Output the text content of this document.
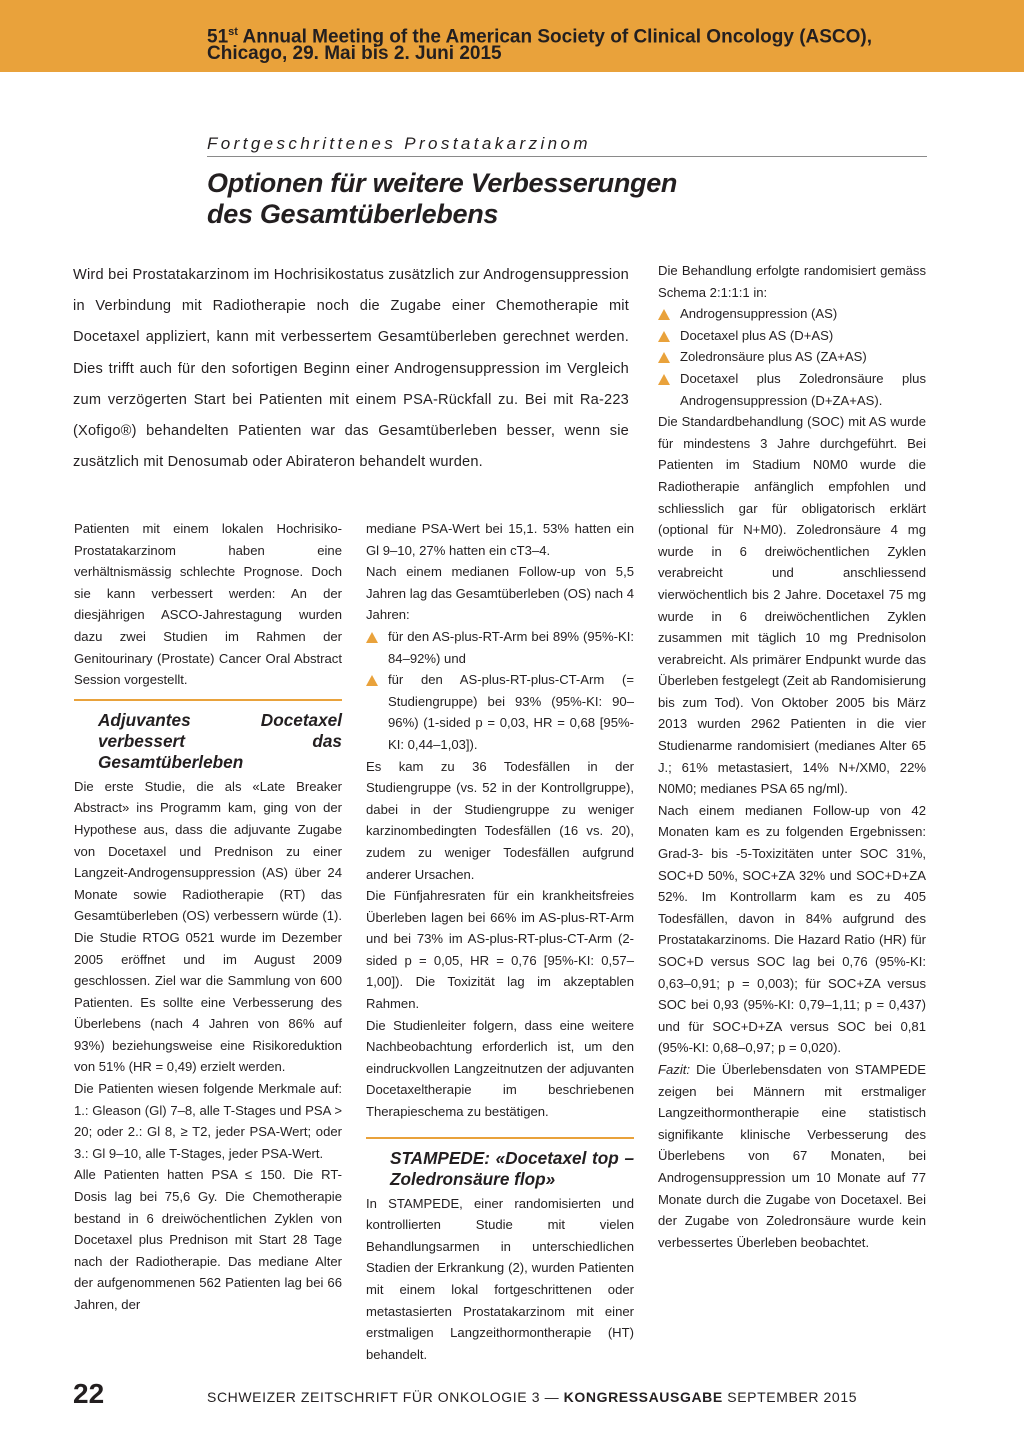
51st Annual Meeting of the American Society of Clinical Oncology (ASCO),
Chicago, 29. Mai bis 2. Juni 2015
Fortgeschrittenes Prostatakarzinom
Optionen für weitere Verbesserungen
des Gesamtüberlebens
Wird bei Prostatakarzinom im Hochrisikostatus zusätzlich zur Androgensuppression in Verbindung mit Radiotherapie noch die Zugabe einer Chemotherapie mit Docetaxel appliziert, kann mit verbessertem Gesamtüberleben gerechnet werden. Dies trifft auch für den sofortigen Beginn einer Androgensuppression im Vergleich zum verzögerten Start bei Patienten mit einem PSA-Rückfall zu. Bei mit Ra-223 (Xofigo®) behandelten Patienten war das Gesamtüberleben besser, wenn sie zusätzlich mit Denosumab oder Abirateron behandelt wurden.

Patienten mit einem lokalen Hochrisiko-Prostatakarzinom haben eine verhältnismässig schlechte Prognose. Doch sie kann verbessert werden: An der diesjährigen ASCO-Jahrestagung wurden dazu zwei Studien im Rahmen der Genitourinary (Prostate) Cancer Oral Abstract Session vorgestellt.

Adjuvantes Docetaxel verbessert das Gesamtüberleben

Die erste Studie, die als «Late Breaker Abstract» ins Programm kam, ging von der Hypothese aus, dass die adjuvante Zugabe von Docetaxel und Prednison zu einer Langzeit-Androgensuppression (AS) über 24 Monate sowie Radiotherapie (RT) das Gesamtüberleben (OS) verbessern würde (1). Die Studie RTOG 0521 wurde im Dezember 2005 eröffnet und im August 2009 geschlossen. Ziel war die Sammlung von 600 Patienten. Es sollte eine Verbesserung des Überlebens (nach 4 Jahren von 86% auf 93%) beziehungsweise eine Risikoreduktion von 51% (HR = 0,49) erzielt werden.

Die Patienten wiesen folgende Merkmale auf: 1.: Gleason (Gl) 7–8, alle T-Stages und PSA > 20; oder 2.: Gl 8, ≥ T2, jeder PSA-Wert; oder 3.: Gl 9–10, alle T-Stages, jeder PSA-Wert.

Alle Patienten hatten PSA ≤ 150. Die RT-Dosis lag bei 75,6 Gy. Die Chemotherapie bestand in 6 dreiwöchentlichen Zyklen von Docetaxel plus Prednison mit Start 28 Tage nach der Radiotherapie. Das mediane Alter der aufgenommenen 562 Patienten lag bei 66 Jahren, der

mediane PSA-Wert bei 15,1. 53% hatten ein Gl 9–10, 27% hatten ein cT3–4.

Nach einem medianen Follow-up von 5,5 Jahren lag das Gesamtüberleben (OS) nach 4 Jahren:

für den AS-plus-RT-Arm bei 89% (95%-KI: 84–92%) und
für den AS-plus-RT-plus-CT-Arm (= Studiengruppe) bei 93% (95%-KI: 90–96%) (1-sided p = 0,03, HR = 0,68 [95%-KI: 0,44–1,03]).

Es kam zu 36 Todesfällen in der Studiengruppe (vs. 52 in der Kontrollgruppe), dabei in der Studiengruppe zu weniger karzinombedingten Todesfällen (16 vs. 20), zudem zu weniger Todesfällen aufgrund anderer Ursachen.

Die Fünfjahresraten für ein krankheitsfreies Überleben lagen bei 66% im AS-plus-RT-Arm und bei 73% im AS-plus-RT-plus-CT-Arm (2-sided p = 0,05, HR = 0,76 [95%-KI: 0,57–1,00]). Die Toxizität lag im akzeptablen Rahmen.

Die Studienleiter folgern, dass eine weitere Nachbeobachtung erforderlich ist, um den eindruckvollen Langzeitnutzen der adjuvanten Docetaxeltherapie im beschriebenen Therapieschema zu bestätigen.

STAMPEDE: «Docetaxel top – Zoledronsäure flop»

In STAMPEDE, einer randomisierten und kontrollierten Studie mit vielen Behandlungsarmen in unterschiedlichen Stadien der Erkrankung (2), wurden Patienten mit einem lokal fortgeschrittenen oder metastasierten Prostatakarzinom mit einer erstmaligen Langzeithormontherapie (HT) behandelt.

Die Behandlung erfolgte randomisiert gemäss Schema 2:1:1:1 in:

Androgensuppression (AS)
Docetaxel plus AS (D+AS)
Zoledronsäure plus AS (ZA+AS)
Docetaxel plus Zoledronsäure plus Androgensuppression (D+ZA+AS).

Die Standardbehandlung (SOC) mit AS wurde für mindestens 3 Jahre durchgeführt. Bei Patienten im Stadium N0M0 wurde die Radiotherapie anfänglich empfohlen und schliesslich gar für obligatorisch erklärt (optional für N+M0). Zoledronsäure 4 mg wurde in 6 dreiwöchentlichen Zyklen verabreicht und anschliessend vierwöchentlich bis 2 Jahre. Docetaxel 75 mg wurde in 6 dreiwöchentlichen Zyklen zusammen mit täglich 10 mg Prednisolon verabreicht. Als primärer Endpunkt wurde das Überleben festgelegt (Zeit ab Randomisierung bis zum Tod). Von Oktober 2005 bis März 2013 wurden 2962 Patienten in die vier Studienarme randomisiert (medianes Alter 65 J.; 61% metastasiert, 14% N+/XM0, 22% N0M0; medianes PSA 65 ng/ml).

Nach einem medianen Follow-up von 42 Monaten kam es zu folgenden Ergebnissen: Grad-3- bis -5-Toxizitäten unter SOC 31%, SOC+D 50%, SOC+ZA 32% und SOC+D+ZA 52%. Im Kontrollarm kam es zu 405 Todesfällen, davon in 84% aufgrund des Prostatakarzinoms. Die Hazard Ratio (HR) für SOC+D versus SOC lag bei 0,76 (95%-KI: 0,63–0,91; p = 0,003); für SOC+ZA versus SOC bei 0,93 (95%-KI: 0,79–1,11; p = 0,437) und für SOC+D+ZA versus SOC bei 0,81 (95%-KI: 0,68–0,97; p = 0,020).

Fazit: Die Überlebensdaten von STAMPEDE zeigen bei Männern mit erstmaliger Langzeithormontherapie eine statistisch signifikante klinische Verbesserung des Überlebens von 67 Monaten, bei Androgensuppression um 10 Monate auf 77 Monate durch die Zugabe von Docetaxel. Bei der Zugabe von Zoledronsäure wurde kein verbessertes Überleben beobachtet.

22	SCHWEIZER ZEITSCHRIFT FÜR ONKOLOGIE 3 — KONGRESSAUSGABE SEPTEMBER 2015
